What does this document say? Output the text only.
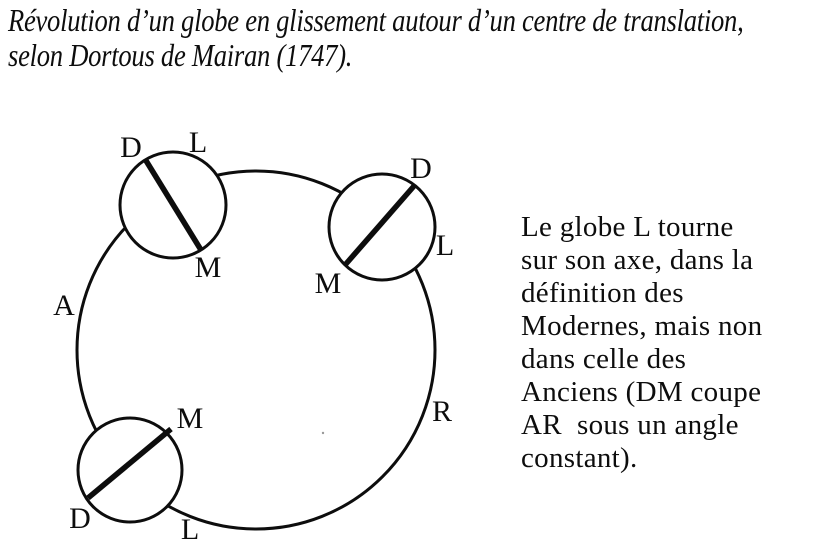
Révolution d’un globe en glissement autour d’un centre de translation,
selon Dortous de Mairan (1747).
A
R
D L
M
D
L
M
M
D	L
Le globe L tourne
sur son axe, dans la
définition des
Modernes, mais non
dans celle des
Anciens (DM coupe
AR  sous un angle
constant).
